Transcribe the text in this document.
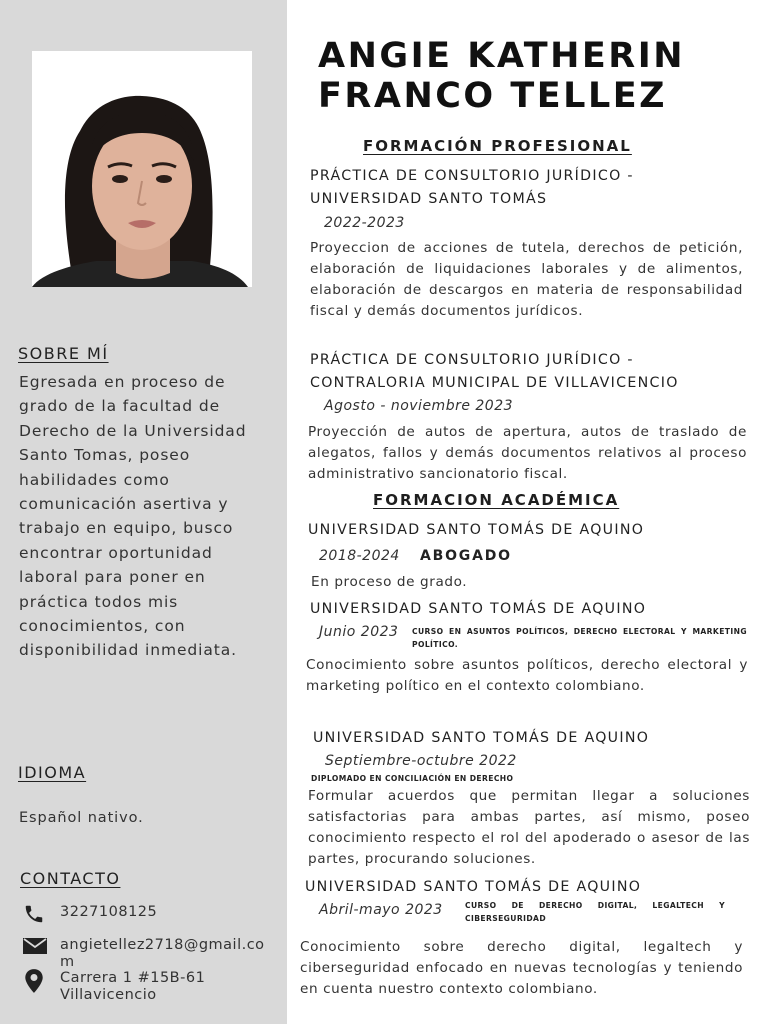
SOBRE MÍ

Egresada en proceso de grado de la facultad de Derecho de la Universidad Santo Tomas, poseo habilidades como comunicación asertiva y trabajo en equipo, busco encontrar oportunidad laboral para poner en práctica todos mis conocimientos, con disponibilidad inmediata.

IDIOMA

Español nativo.

CONTACTO
3227108125
angietellez2718@gmail.com
Carrera 1 #15B-61 Villavicencio
ANGIE KATHERIN
FRANCO TELLEZ
FORMACIÓN PROFESIONAL
PRÁCTICA DE CONSULTORIO JURÍDICO - UNIVERSIDAD SANTO TOMÁS

2022-2023

Proyeccion de acciones de tutela, derechos de petición, elaboración de liquidaciones laborales y de alimentos, elaboración de descargos en materia de responsabilidad fiscal y demás documentos jurídicos.

PRÁCTICA DE CONSULTORIO JURÍDICO - CONTRALORIA MUNICIPAL DE VILLAVICENCIO

Agosto - noviembre 2023

Proyección de autos de apertura, autos de traslado de alegatos, fallos y demás documentos relativos al proceso administrativo sancionatorio fiscal.

FORMACION ACADÉMICA
UNIVERSIDAD SANTO TOMÁS DE AQUINO

2018-2024 ABOGADO

En proceso de grado.

UNIVERSIDAD SANTO TOMÁS DE AQUINO

Junio 2023 CURSO EN ASUNTOS POLÍTICOS, DERECHO ELECTORAL Y MARKETING POLÍTICO.

Conocimiento sobre asuntos políticos, derecho electoral y marketing político en el contexto colombiano.

UNIVERSIDAD SANTO TOMÁS DE AQUINO

Septiembre-octubre 2022

DIPLOMADO EN CONCILIACIÓN EN DERECHO

Formular acuerdos que permitan llegar a soluciones satisfactorias para ambas partes, así mismo, poseo conocimiento respecto el rol del apoderado o asesor de las partes, procurando soluciones.

UNIVERSIDAD SANTO TOMÁS DE AQUINO

Abril-mayo 2023	CURSO DE DERECHO DIGITAL, LEGALTECH Y CIBERSEGURIDAD

Conocimiento sobre derecho digital, legaltech y ciberseguridad enfocado en nuevas tecnologías y teniendo en cuenta nuestro contexto colombiano.
